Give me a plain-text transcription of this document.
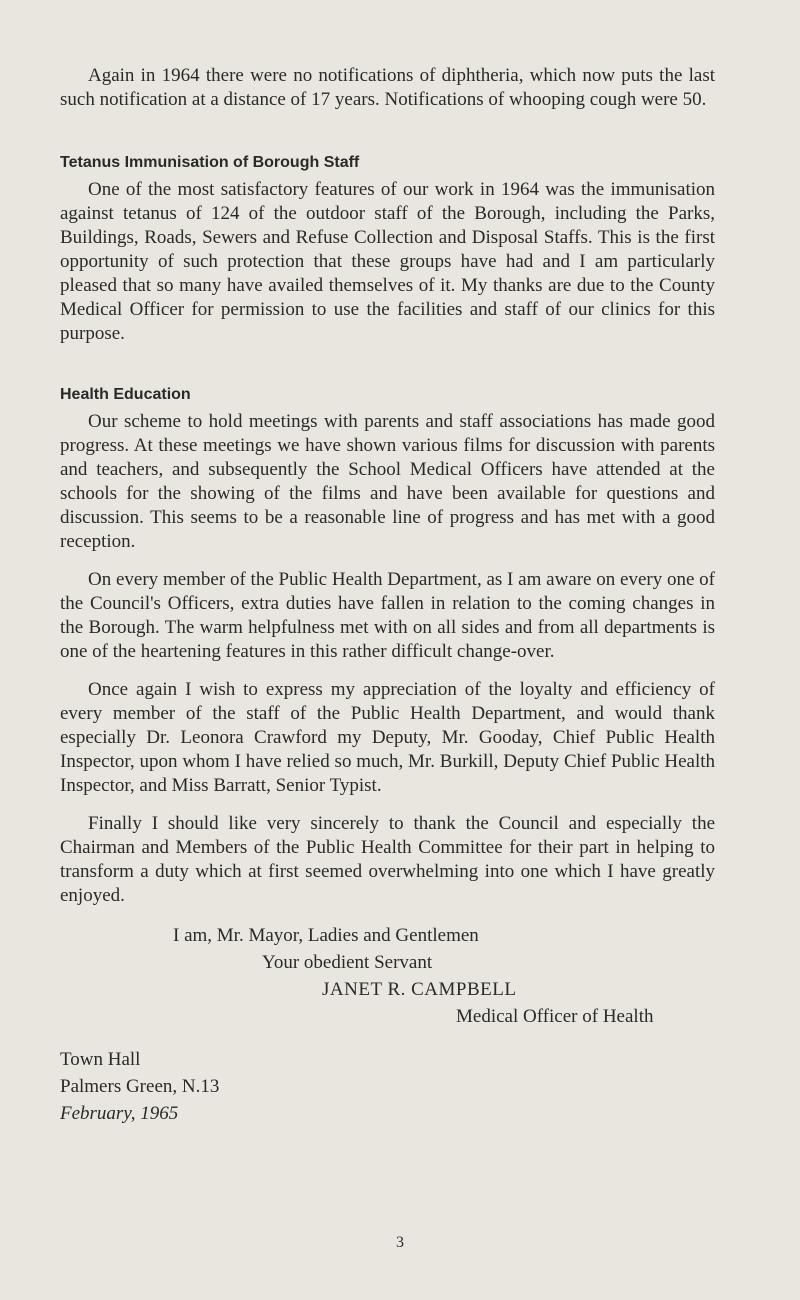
Again in 1964 there were no notifications of diphtheria, which now puts the last such notification at a distance of 17 years. Notifications of whooping cough were 50.

Tetanus Immunisation of Borough Staff

One of the most satisfactory features of our work in 1964 was the immunisation against tetanus of 124 of the outdoor staff of the Borough, including the Parks, Buildings, Roads, Sewers and Refuse Collection and Disposal Staffs. This is the first opportunity of such protection that these groups have had and I am particularly pleased that so many have availed themselves of it. My thanks are due to the County Medical Officer for permission to use the facilities and staff of our clinics for this purpose.

Health Education

Our scheme to hold meetings with parents and staff associations has made good progress. At these meetings we have shown various films for discussion with parents and teachers, and subsequently the School Medical Officers have attended at the schools for the showing of the films and have been available for questions and discussion. This seems to be a reasonable line of progress and has met with a good reception.

On every member of the Public Health Department, as I am aware on every one of the Council's Officers, extra duties have fallen in relation to the coming changes in the Borough. The warm helpfulness met with on all sides and from all departments is one of the heartening features in this rather difficult change-over.

Once again I wish to express my appreciation of the loyalty and efficiency of every member of the staff of the Public Health Department, and would thank especially Dr. Leonora Crawford my Deputy, Mr. Gooday, Chief Public Health Inspector, upon whom I have relied so much, Mr. Burkill, Deputy Chief Public Health Inspector, and Miss Barratt, Senior Typist.

Finally I should like very sincerely to thank the Council and especially the Chairman and Members of the Public Health Committee for their part in helping to transform a duty which at first seemed overwhelming into one which I have greatly enjoyed.

I am, Mr. Mayor, Ladies and Gentlemen
Your obedient Servant
JANET R. CAMPBELL
Medical Officer of Health
Town Hall
Palmers Green, N.13
February, 1965
3
